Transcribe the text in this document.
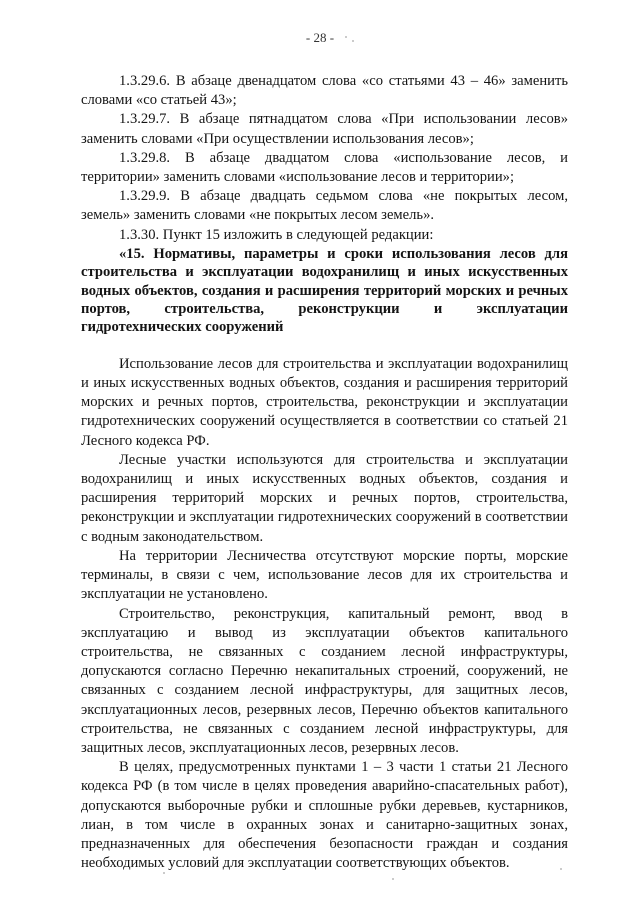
- 28 -

1.3.29.6. В абзаце двенадцатом слова «со статьями 43 – 46» заменить словами «со статьей 43»;

1.3.29.7. В абзаце пятнадцатом слова «При использовании лесов» заменить словами «При осуществлении использования лесов»;

1.3.29.8. В абзаце двадцатом слова «использование лесов, и территории» заменить словами «использование лесов и территории»;

1.3.29.9. В абзаце двадцать седьмом слова «не покрытых лесом, земель» заменить словами «не покрытых лесом земель».

1.3.30. Пункт 15 изложить в следующей редакции:

«15. Нормативы, параметры и сроки использования лесов для строительства и эксплуатации водохранилищ и иных искусственных водных объектов, создания и расширения территорий морских и речных портов, строительства, реконструкции и эксплуатации гидротехнических сооружений

Использование лесов для строительства и эксплуатации водохранилищ и иных искусственных водных объектов, создания и расширения территорий морских и речных портов, строительства, реконструкции и эксплуатации гидротехнических сооружений осуществляется в соответствии со статьей 21 Лесного кодекса РФ.

Лесные участки используются для строительства и эксплуатации водохранилищ и иных искусственных водных объектов, создания и расширения территорий морских и речных портов, строительства, реконструкции и эксплуатации гидротехнических сооружений в соответствии с водным законодательством.

На территории Лесничества отсутствуют морские порты, морские терминалы, в связи с чем, использование лесов для их строительства и эксплуатации не установлено.

Строительство, реконструкция, капитальный ремонт, ввод в эксплуатацию и вывод из эксплуатации объектов капитального строительства, не связанных с созданием лесной инфраструктуры, допускаются согласно Перечню некапитальных строений, сооружений, не связанных с созданием лесной инфраструктуры, для защитных лесов, эксплуатационных лесов, резервных лесов, Перечню объектов капитального строительства, не связанных с созданием лесной инфраструктуры, для защитных лесов, эксплуатационных лесов, резервных лесов.

В целях, предусмотренных пунктами 1 – 3 части 1 статьи 21 Лесного кодекса РФ (в том числе в целях проведения аварийно-спасательных работ), допускаются выборочные рубки и сплошные рубки деревьев, кустарников, лиан, в том числе в охранных зонах и санитарно-защитных зонах, предназначенных для обеспечения безопасности граждан и создания необходимых условий для эксплуатации соответствующих объектов.
